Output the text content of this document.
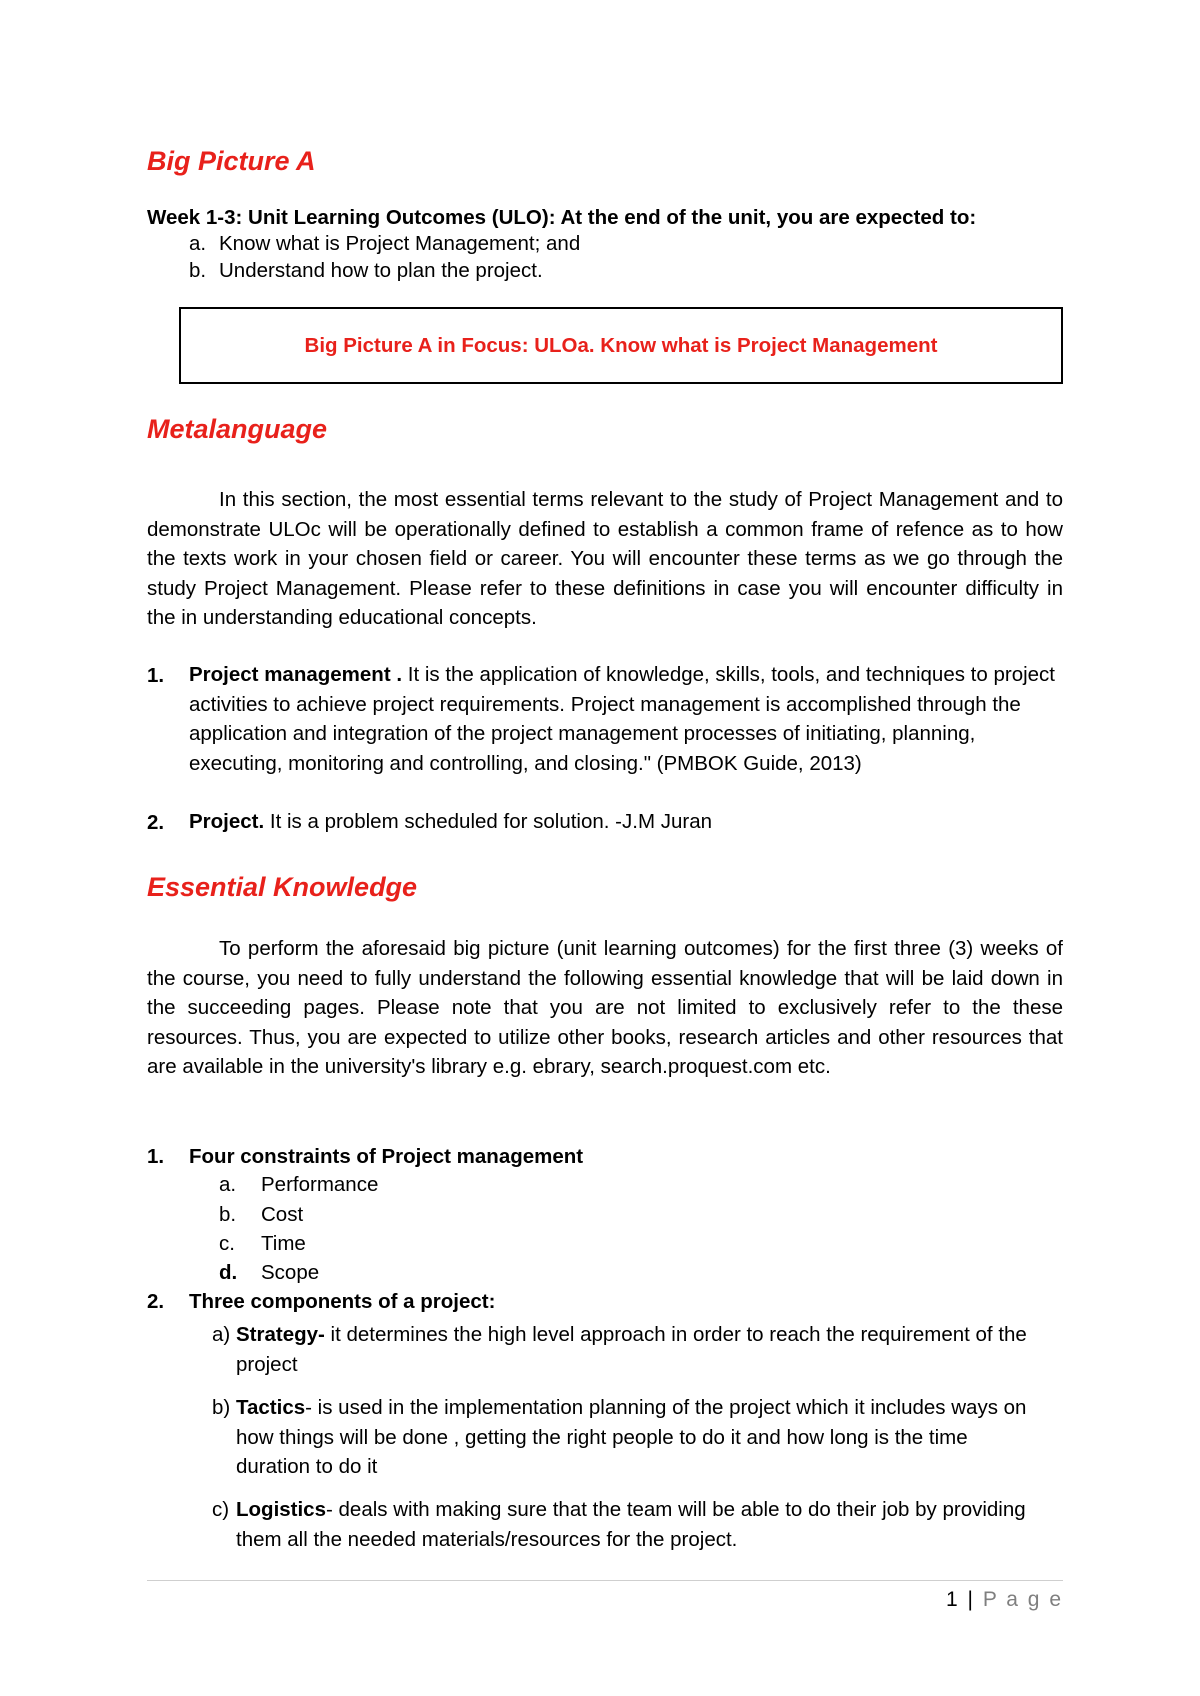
Big Picture A
Week 1-3: Unit Learning Outcomes (ULO): At the end of the unit, you are expected to:
a. Know what is Project Management; and
b. Understand how to plan the project.
Big Picture A in Focus: ULOa. Know what is Project Management
Metalanguage
In this section, the most essential terms relevant to the study of Project Management and to demonstrate ULOc will be operationally defined to establish a common frame of refence as to how the texts work in your chosen field or career. You will encounter these terms as we go through the study Project Management. Please refer to these definitions in case you will encounter difficulty in the in understanding educational concepts.
1. Project management . It is the application of knowledge, skills, tools, and techniques to project activities to achieve project requirements. Project management is accomplished through the application and integration of the project management processes of initiating, planning, executing, monitoring and controlling, and closing." (PMBOK Guide, 2013)
2. Project. It is a problem scheduled for solution. -J.M Juran
Essential Knowledge
To perform the aforesaid big picture (unit learning outcomes) for the first three (3) weeks of the course, you need to fully understand the following essential knowledge that will be laid down in the succeeding pages. Please note that you are not limited to exclusively refer to the these resources. Thus, you are expected to utilize other books, research articles and other resources that are available in the university's library e.g. ebrary, search.proquest.com etc.
1. Four constraints of Project management
a. Performance
b. Cost
c. Time
d. Scope
2. Three components of a project:
a) Strategy- it determines the high level approach in order to reach the requirement of the project
b) Tactics- is used in the implementation planning of the project which it includes ways on how things will be done , getting the right people to do it and how long is the time duration to do it
c) Logistics- deals with making sure that the team will be able to do their job by providing them all the needed materials/resources for the project.
1 | P a g e
